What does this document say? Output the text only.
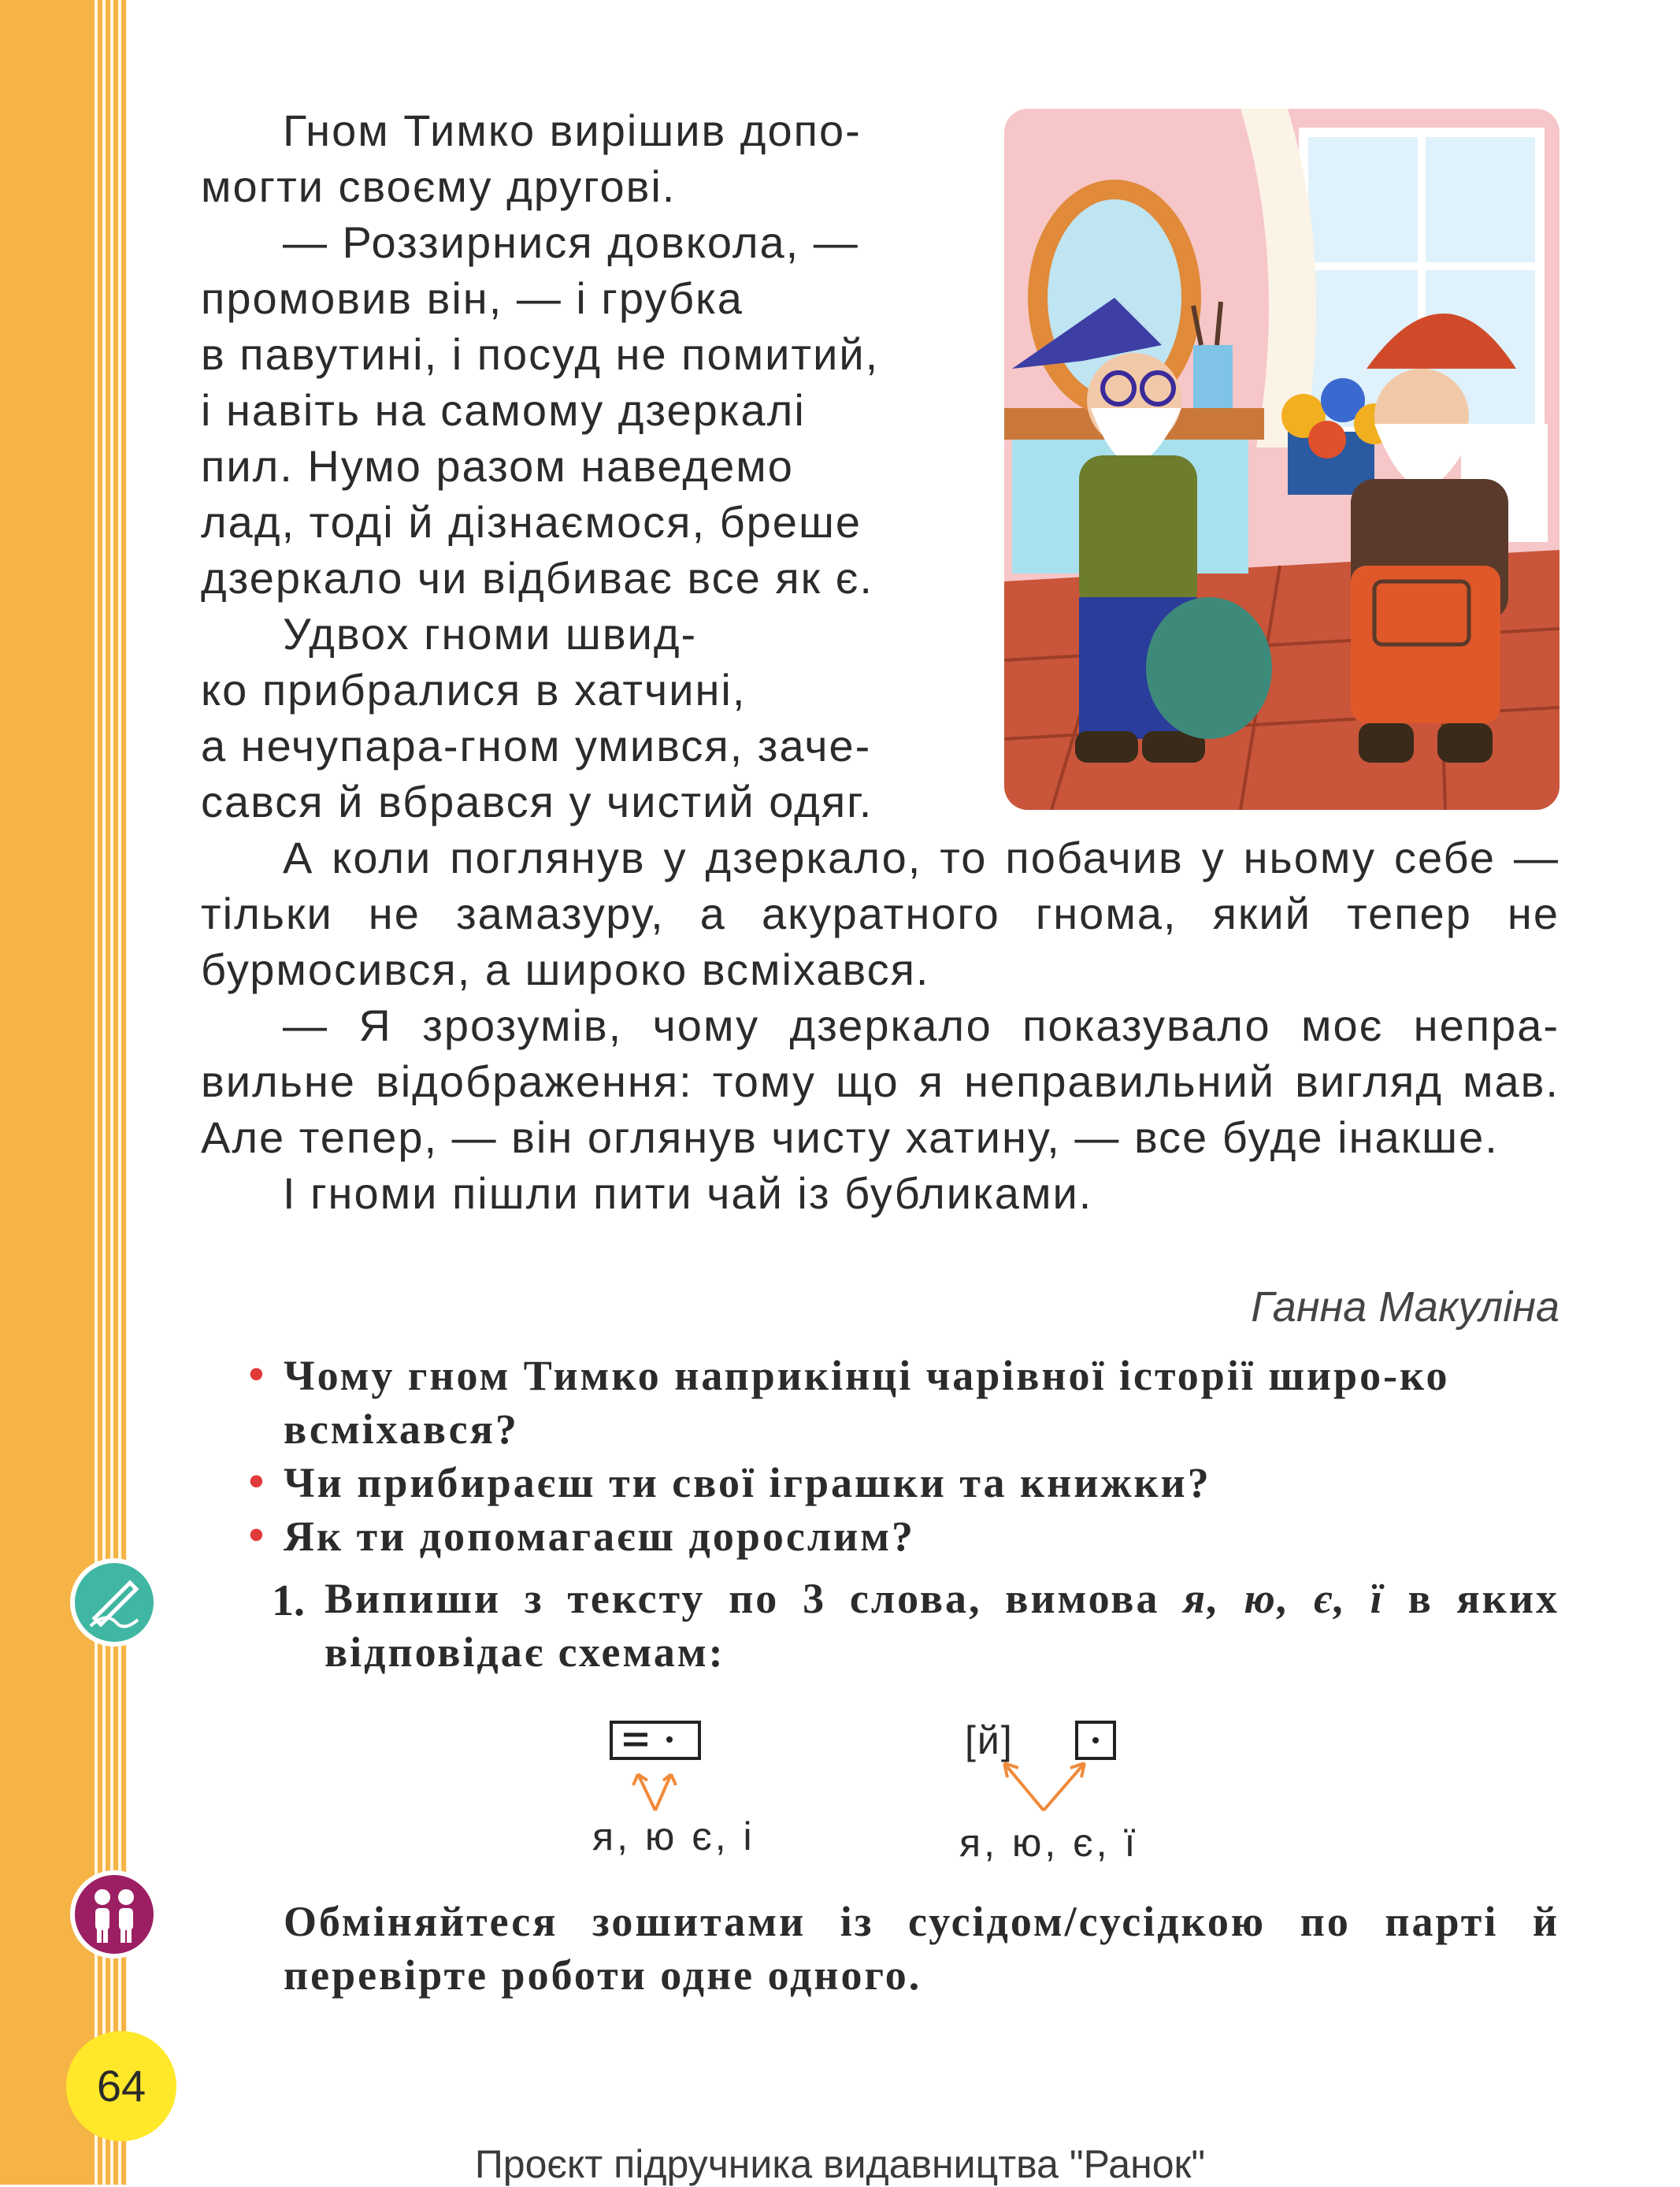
Гном Тимко вирішив допо-

могти своєму другові.

— Роззирнися довкола, —

промовив він, — і грубка

в павутині, і посуд не помитий,

і навіть на самому дзеркалі

пил. Нумо разом наведемо

лад, тоді й дізнаємося, бреше

дзеркало чи відбиває все як є.

Удвох гноми швид-

ко прибралися в хатчині,

а нечупара-гном умився, заче-

сався й вбрався у чистий одяг.

А коли поглянув у дзеркало, то побачив у ньому себе — тільки не замазуру, а акуратного гнома, який тепер не бурмосився, а широко всміхався.

— Я зрозумів, чому дзеркало показувало моє непра-вильне відображення: тому що я неправильний вигляд мав. Але тепер, — він оглянув чисту хатину, — все буде інакше.

І гноми пішли пити чай із бубликами.

Ганна Макуліна
• Чому гном Тимко наприкінці чарівної історії широ-ко всміхався?
• Чи прибираєш ти свої іграшки та книжки?
• Як ти допомагаєш дорослим?
1. Випиши з тексту по 3 слова, вимова я, ю, є, ї в яких відповідає схемам:
я, ю є, і
[й]
я, ю, є, ї
Обміняйтеся зошитами із сусідом/сусідкою по парті й перевірте роботи одне одного.
64
Проєкт підручника видавництва "Ранок"
